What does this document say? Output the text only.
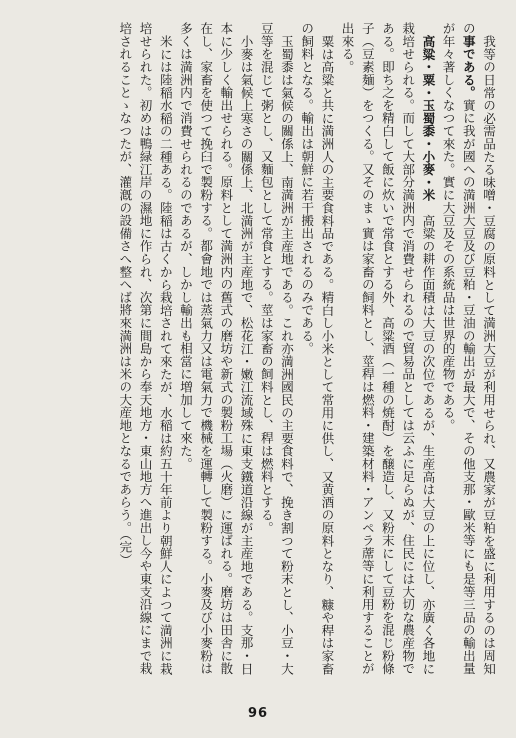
我等の日常の必需品たる味噌・豆腐の原料として満洲大豆が利用せられ、又農家が豆粕を盛に利用するのは周知の事である。實に我が國への満洲大豆及び豆粕・豆油の輸出が最大で、その他支那・歐米等にも是等三品の輸出量が年々著しくなつて來た。實に大豆及その系統品は世界的産物である。

高粱・粟・玉蜀黍・小麥・米　高粱の耕作面積は大豆の次位であるが、生産高は大豆の上に位し、亦廣く各地に栽培せられる。而して大部分満洲内で消費せられるので貿易品としては云ふに足らぬが、住民には大切な農産物である。即ち之を精白して飯に炊いで常食とする外、高粱酒（一種の焼酎）を醸造し、又粉末にして豆粉を混じ粉條子（豆素麺）をつくる。又そのまゝ實は家畜の飼料とし、莖稈は燃料・建築材料・アンペラ蓆等に利用することが出來る。

粟は高粱と共に満洲人の主要食料品である。精白し小米として常用に供し、又黄酒の原料となり、糠や稈は家畜の飼料となる。輸出は朝鮮に若干搬出されるのみである。

玉蜀黍は氣候の關係上、南満洲が主産地である。これ亦満洲國民の主要食料で、挽き割つて粉末とし、小豆・大豆等を混じて粥とし、又麵包として常食とする。莖は家畜の飼料とし、稈は燃料とする。

小麥は氣候上寒さの關係上、北満洲が主産地で、松花江・嫩江流域殊に東支鐵道沿線が主産地である。支那・日本に少しく輸出せられる。原料として満洲内の舊式の磨坊や新式の製粉工場（火磨）に運ばれる。磨坊は田舎に散在し、家畜を使つて挽臼で製粉する。都會地では蒸氣力又は電氣力で機械を運轉して製粉する。小麥及び小麥粉は多くは満洲内で消費せられるのであるが、しかし輸出も相當に増加して來た。

米には陸稲水稲の二種ある。陸稲は古くから栽培されて來たが、水稲は約五十年前より朝鮮人によつて満洲に栽培せられた。初めは鴨緑江岸の濕地に作られ、次第に間島から奉天地方・東山地方へ進出し今や東支沿線にまで栽培されることゝなつたが、灌漑の設備さへ整へば將來満洲は米の大産地となるであらう。（完）

96
